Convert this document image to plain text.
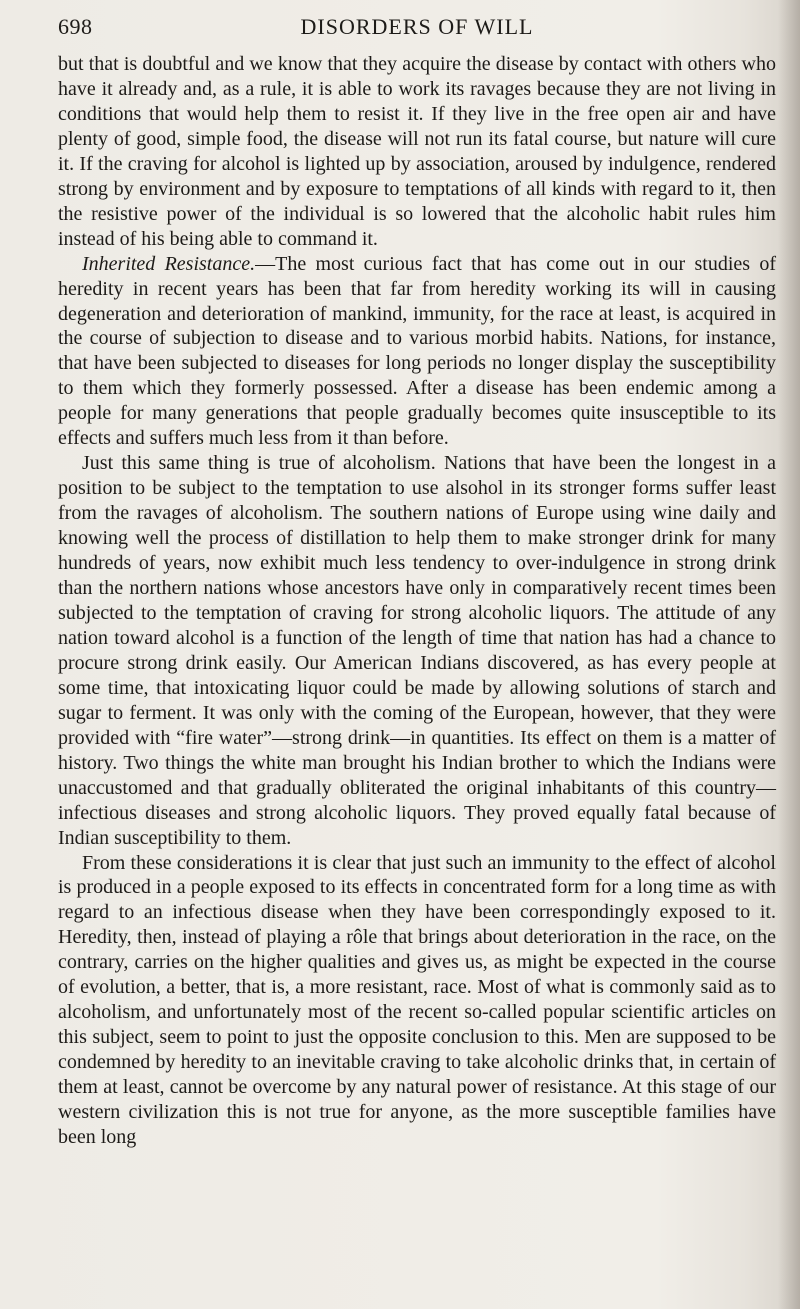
698	DISORDERS OF WILL

but that is doubtful and we know that they acquire the disease by contact with others who have it already and, as a rule, it is able to work its ravages because they are not living in conditions that would help them to resist it. If they live in the free open air and have plenty of good, simple food, the disease will not run its fatal course, but nature will cure it. If the craving for alcohol is lighted up by association, aroused by indulgence, rendered strong by environment and by exposure to temptations of all kinds with regard to it, then the resistive power of the individual is so lowered that the alcoholic habit rules him instead of his being able to command it.

Inherited Resistance.—The most curious fact that has come out in our studies of heredity in recent years has been that far from heredity working its will in causing degeneration and deterioration of mankind, immunity, for the race at least, is acquired in the course of subjection to disease and to various morbid habits. Nations, for instance, that have been subjected to diseases for long periods no longer display the susceptibility to them which they formerly possessed. After a disease has been endemic among a people for many generations that people gradually becomes quite insusceptible to its effects and suffers much less from it than before.

Just this same thing is true of alcoholism. Nations that have been the longest in a position to be subject to the temptation to use alsohol in its stronger forms suffer least from the ravages of alcoholism. The southern nations of Europe using wine daily and knowing well the process of distillation to help them to make stronger drink for many hundreds of years, now exhibit much less tendency to over-indulgence in strong drink than the northern nations whose ancestors have only in comparatively recent times been subjected to the temptation of craving for strong alcoholic liquors. The attitude of any nation toward alcohol is a function of the length of time that nation has had a chance to procure strong drink easily. Our American Indians discovered, as has every people at some time, that intoxicating liquor could be made by allowing solutions of starch and sugar to ferment. It was only with the coming of the European, however, that they were provided with “fire water”—strong drink—in quantities. Its effect on them is a matter of history. Two things the white man brought his Indian brother to which the Indians were unaccustomed and that gradually obliterated the original inhabitants of this country—infectious diseases and strong alcoholic liquors. They proved equally fatal because of Indian susceptibility to them.

From these considerations it is clear that just such an immunity to the effect of alcohol is produced in a people exposed to its effects in concentrated form for a long time as with regard to an infectious disease when they have been correspondingly exposed to it. Heredity, then, instead of playing a rôle that brings about deterioration in the race, on the contrary, carries on the higher qualities and gives us, as might be expected in the course of evolution, a better, that is, a more resistant, race. Most of what is commonly said as to alcoholism, and unfortunately most of the recent so-called popular scientific articles on this subject, seem to point to just the opposite conclusion to this. Men are supposed to be condemned by heredity to an inevitable craving to take alcoholic drinks that, in certain of them at least, cannot be overcome by any natural power of resistance. At this stage of our western civilization this is not true for anyone, as the more susceptible families have been long
